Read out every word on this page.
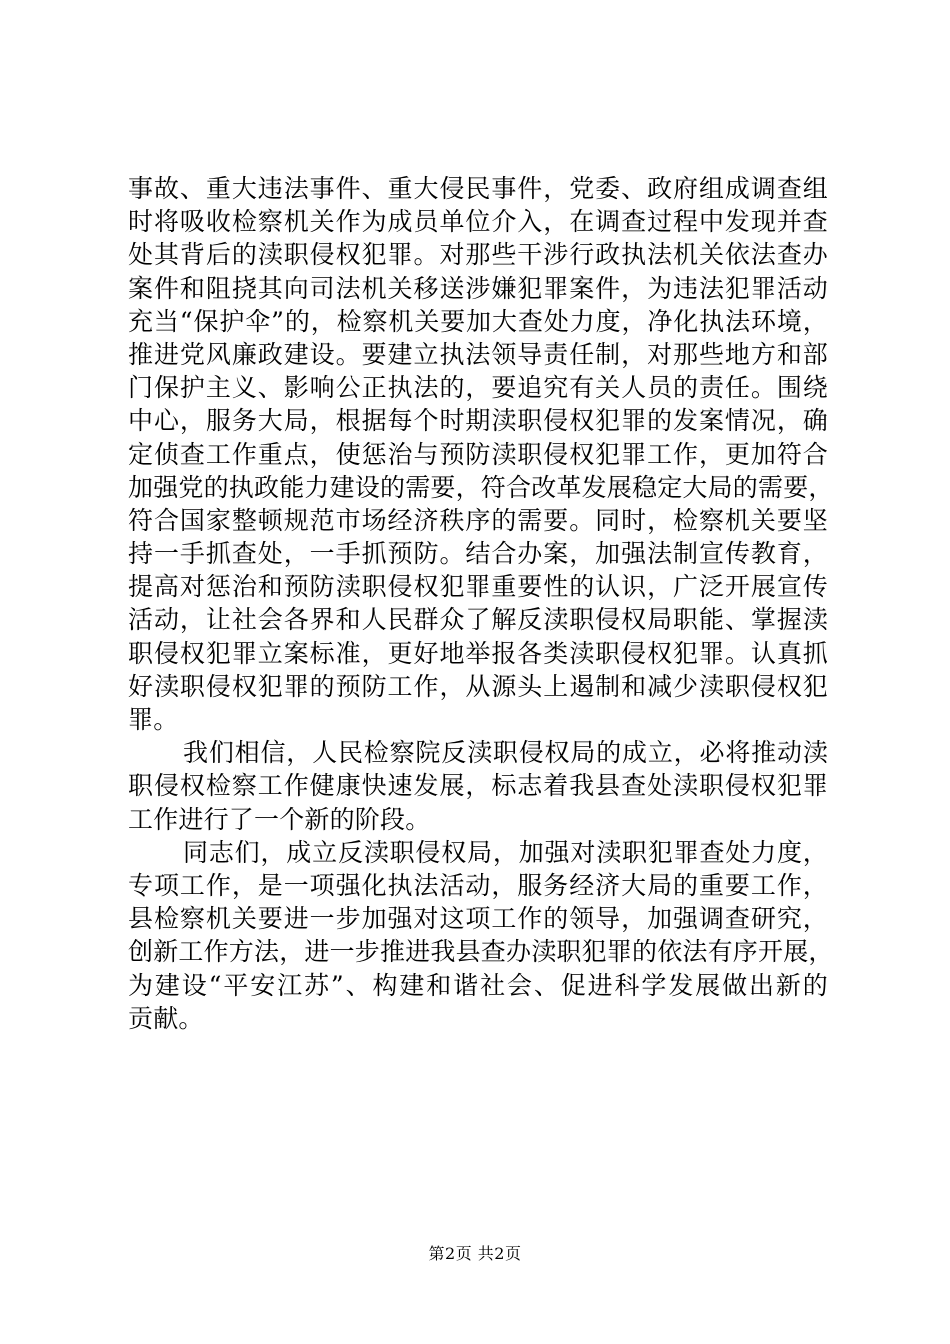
事故、重大违法事件、重大侵民事件，党委、政府组成调查组
时将吸收检察机关作为成员单位介入，在调查过程中发现并查
处其背后的渎职侵权犯罪。对那些干涉行政执法机关依法查办
案件和阻挠其向司法机关移送涉嫌犯罪案件，为违法犯罪活动
充当“保护伞”的，检察机关要加大查处力度，净化执法环境，
推进党风廉政建设。要建立执法领导责任制，对那些地方和部
门保护主义、影响公正执法的，要追究有关人员的责任。围绕
中心，服务大局，根据每个时期渎职侵权犯罪的发案情况，确
定侦查工作重点，使惩治与预防渎职侵权犯罪工作，更加符合
加强党的执政能力建设的需要，符合改革发展稳定大局的需要，
符合国家整顿规范市场经济秩序的需要。同时，检察机关要坚
持一手抓查处，一手抓预防。结合办案，加强法制宣传教育，
提高对惩治和预防渎职侵权犯罪重要性的认识，广泛开展宣传
活动，让社会各界和人民群众了解反渎职侵权局职能、掌握渎
职侵权犯罪立案标准，更好地举报各类渎职侵权犯罪。认真抓
好渎职侵权犯罪的预防工作，从源头上遏制和减少渎职侵权犯
罪。
我们相信，人民检察院反渎职侵权局的成立，必将推动渎
职侵权检察工作健康快速发展，标志着我县查处渎职侵权犯罪
工作进行了一个新的阶段。
同志们，成立反渎职侵权局，加强对渎职犯罪查处力度，
专项工作，是一项强化执法活动，服务经济大局的重要工作，
县检察机关要进一步加强对这项工作的领导，加强调查研究，
创新工作方法，进一步推进我县查办渎职犯罪的依法有序开展，
为建设“平安江苏”、构建和谐社会、促进科学发展做出新的
贡献。
第2页 共2页
